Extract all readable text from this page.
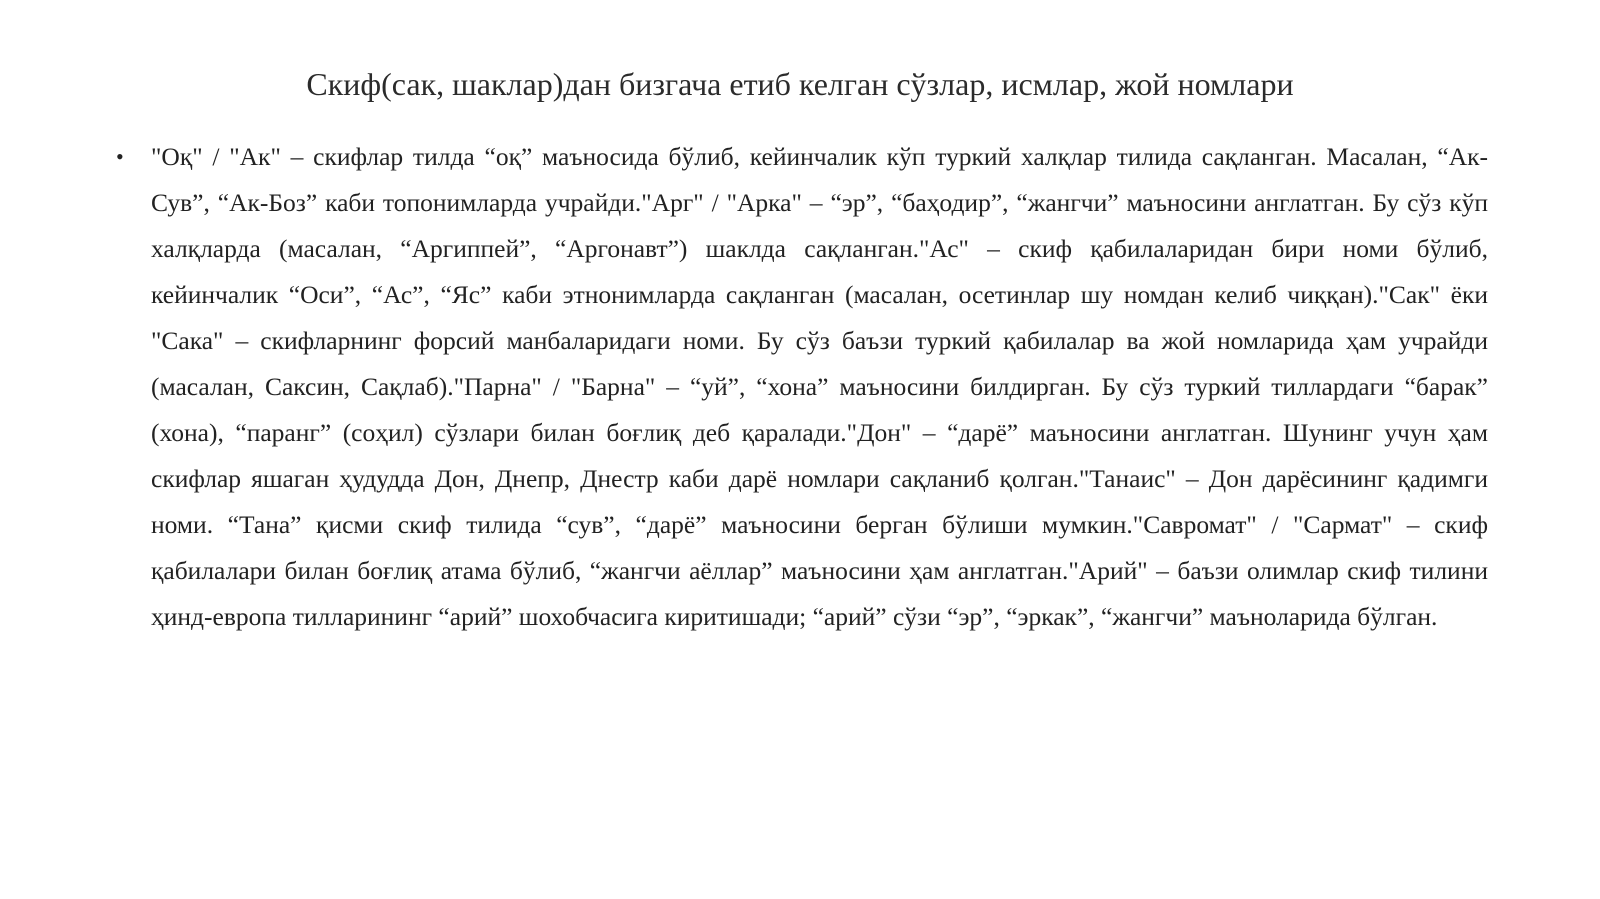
Скиф(сак, шаклар)дан бизгача етиб келган сўзлар, исмлар, жой номлари
•	"Оқ" / "Ак" – скифлар тилда “оқ” маъносида бўлиб, кейинчалик кўп туркий халқлар тилида сақланган. Масалан, “Ак-Сув”, “Ак-Боз” каби топонимларда учрайди."Арг" / "Арка" – “эр”, “баҳодир”, “жангчи” маъносини англатган. Бу сўз кўп халқларда (масалан, “Аргиппей”, “Аргонавт”) шаклда сақланган."Ас" – скиф қабилаларидан бири номи бўлиб, кейинчалик “Оси”, “Ас”, “Яс” каби этнонимларда сақланган (масалан, осетинлар шу номдан келиб чиққан)."Сак" ёки "Сака" – скифларнинг форсий манбаларидаги номи. Бу сўз баъзи туркий қабилалар ва жой номларида ҳам учрайди (масалан, Саксин, Сақлаб)."Парна" / "Барна" – “уй”, “хона” маъносини билдирган. Бу сўз туркий тиллардаги “барак” (хона), “паранг” (соҳил) сўзлари билан боғлиқ деб қаралади."Дон" – “дарё” маъносини англатган. Шунинг учун ҳам скифлар яшаган ҳудудда Дон, Днепр, Днестр каби дарё номлари сақланиб қолган."Танаис" – Дон дарёсининг қадимги номи. “Тана” қисми скиф тилида “сув”, “дарё” маъносини берган бўлиши мумкин."Савромат" / "Сармат" – скиф қабилалари билан боғлиқ атама бўлиб, “жангчи аёллар” маъносини ҳам англатган."Арий" – баъзи олимлар скиф тилини ҳинд-европа тилларининг “арий” шохобчасига киритишади; “арий” сўзи “эр”, “эркак”, “жангчи” маъноларида бўлган.
